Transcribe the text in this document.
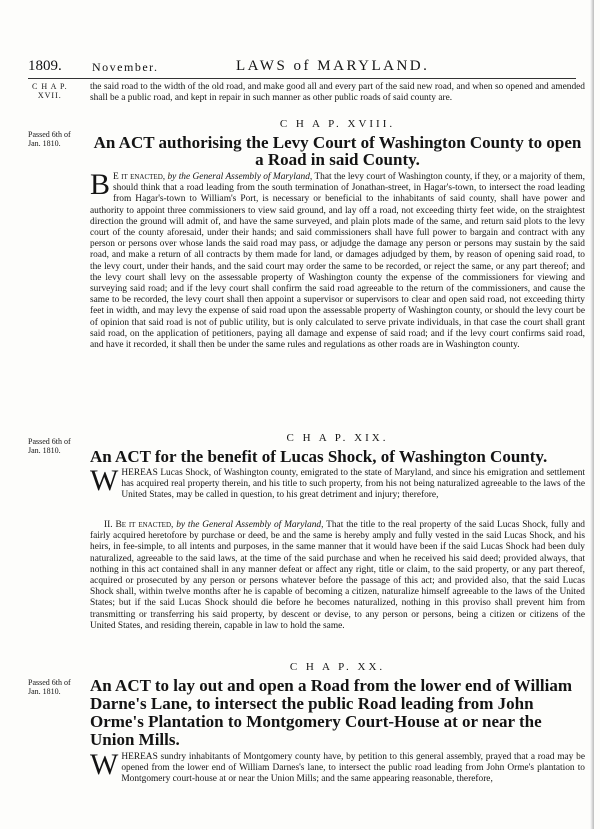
1809.	November.	LAWS of MARYLAND.
C H A P.
XVII.

the said road to the width of the old road, and make good all and every part of the said new road, and when so opened and amended shall be a public road, and kept in repair in such manner as other public roads of said county are.

Passed 6th of
Jan. 1810.
C H A P. XVIII.
An ACT authorising the Levy Court of Washington County to open
a Road in said County.

B E it enacted, by the General Assembly of Maryland, That the levy court of Washington county, if they, or a majority of them, should think that a road leading from the south termination of Jonathan-street, in Hagar's-town, to intersect the road leading from Hagar's-town to William's Port, is necessary or beneficial to the inhabitants of said county, shall have power and authority to appoint three commissioners to view said ground, and lay off a road, not exceeding thirty feet wide, on the straightest direction the ground will admit of, and have the same surveyed, and plain plots made of the same, and return said plots to the levy court of the county aforesaid, under their hands; and said commissioners shall have full power to bargain and contract with any person or persons over whose lands the said road may pass, or adjudge the damage any person or persons may sustain by the said road, and make a return of all contracts by them made for land, or damages adjudged by them, by reason of opening said road, to the levy court, under their hands, and the said court may order the same to be recorded, or reject the same, or any part thereof; and the levy court shall levy on the assessable property of Washington county the expense of the commissioners for viewing and surveying said road; and if the levy court shall confirm the said road agreeable to the return of the commissioners, and cause the same to be recorded, the levy court shall then appoint a supervisor or supervisors to clear and open said road, not exceeding thirty feet in width, and may levy the expense of said road upon the assessable property of Washington county, or should the levy court be of opinion that said road is not of public utility, but is only calculated to serve private individuals, in that case the court shall grant said road, on the application of petitioners, paying all damage and expense of said road; and if the levy court confirms said road, and have it recorded, it shall then be under the same rules and regulations as other roads are in Washington county.

Passed 6th of
Jan. 1810.
C H A P. XIX.
An ACT for the benefit of Lucas Shock, of Washington County.

WHEREAS Lucas Shock, of Washington county, emigrated to the state of Maryland, and since his emigration and settlement has acquired real property therein, and his title to such property, from his not being naturalized agreeable to the laws of the United States, may be called in question, to his great detriment and injury; therefore,

II. Be it enacted, by the General Assembly of Maryland, That the title to the real property of the said Lucas Shock, fully and fairly acquired heretofore by purchase or deed, be and the same is hereby amply and fully vested in the said Lucas Shock, and his heirs, in fee-simple, to all intents and purposes, in the same manner that it would have been if the said Lucas Shock had been duly naturalized, agreeable to the said laws, at the time of the said purchase and when he received his said deed; provided always, that nothing in this act contained shall in any manner defeat or affect any right, title or claim, to the said property, or any part thereof, acquired or prosecuted by any person or persons whatever before the passage of this act; and provided also, that the said Lucas Shock shall, within twelve months after he is capable of becoming a citizen, naturalize himself agreeable to the laws of the United States; but if the said Lucas Shock should die before he becomes naturalized, nothing in this proviso shall prevent him from transmitting or transferring his said property, by descent or devise, to any person or persons, being a citizen or citizens of the United States, and residing therein, capable in law to hold the same.

Passed 6th of
Jan. 1810.
C H A P. XX.
An ACT to lay out and open a Road from the lower end of William Darne's Lane, to intersect the public Road leading from John Orme's Plantation to Montgomery Court-House at or near the Union Mills.

WHEREAS sundry inhabitants of Montgomery county have, by petition to this general assembly, prayed that a road may be opened from the lower end of William Darnes's lane, to intersect the public road leading from John Orme's plantation to Montgomery court-house at or near the Union Mills; and the same appearing reasonable, therefore,
